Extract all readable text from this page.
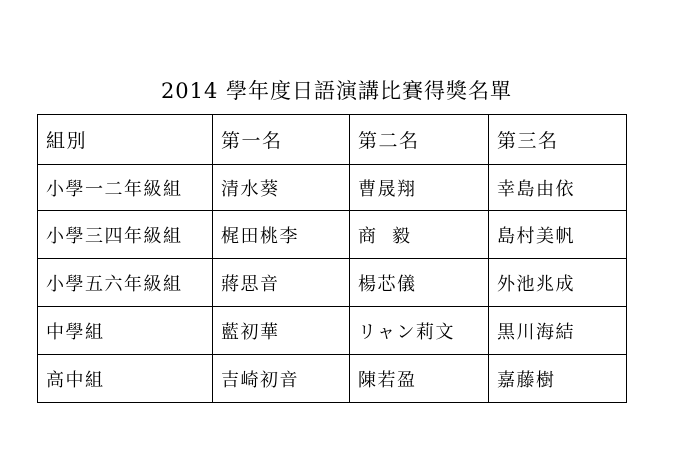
2014 學年度日語演講比賽得獎名單
組別	第一名	第二名	第三名
小學一二年級組	清水葵	曹晟翔	幸島由依
小學三四年級組	梶田桃李	商  毅	島村美帆
小學五六年級組	蔣思音	楊芯儀	外池兆成
中學組	藍初華	リャン莉文	黒川海結
高中組	吉崎初音	陳若盈	嘉藤樹
